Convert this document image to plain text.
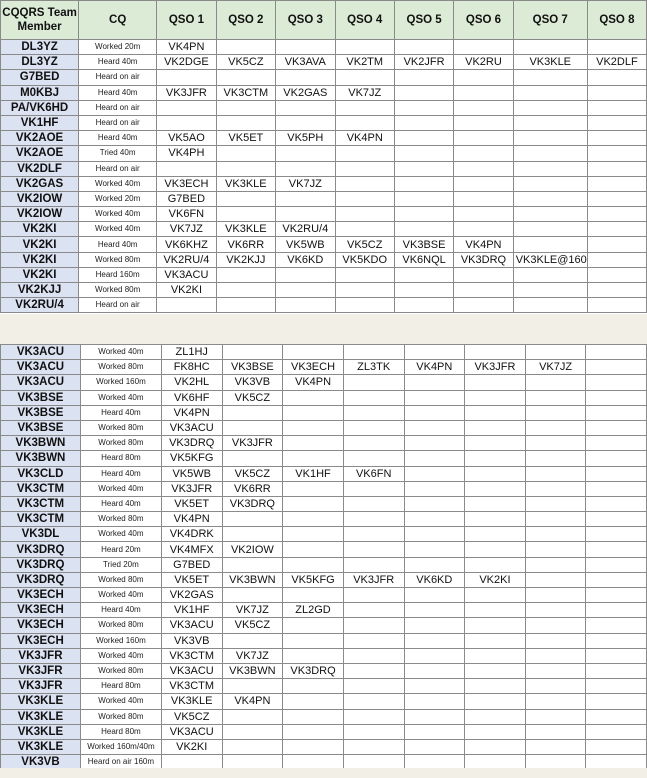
CQQRS Team Member	CQ	QSO 1	QSO 2	QSO 3	QSO 4	QSO 5	QSO 6	QSO 7	QSO 8
DL3YZ	Worked 20m	VK4PN							
DL3YZ	Heard 40m	VK2DGE	VK5CZ	VK3AVA	VK2TM	VK2JFR	VK2RU	VK3KLE	VK2DLF
G7BED	Heard on air								
M0KBJ	Heard 40m	VK3JFR	VK3CTM	VK2GAS	VK7JZ				
PA/VK6HD	Heard on air								
VK1HF	Heard on air								
VK2AOE	Heard 40m	VK5AO	VK5ET	VK5PH	VK4PN				
VK2AOE	Tried 40m	VK4PH							
VK2DLF	Heard on air								
VK2GAS	Worked 40m	VK3ECH	VK3KLE	VK7JZ					
VK2IOW	Worked 20m	G7BED							
VK2IOW	Worked 40m	VK6FN							
VK2KI	Worked 40m	VK7JZ	VK3KLE	VK2RU/4					
VK2KI	Heard 40m	VK6KHZ	VK6RR	VK5WB	VK5CZ	VK3BSE	VK4PN		
VK2KI	Worked 80m	VK2RU/4	VK2KJJ	VK6KD	VK5KDO	VK6NQL	VK3DRQ	VK3KLE@160	
VK2KI	Heard 160m	VK3ACU							
VK2KJJ	Worked 80m	VK2KI							
VK2RU/4	Heard on air								
VK3ACU	Worked 40m	ZL1HJ							
VK3ACU	Worked 80m	FK8HC	VK3BSE	VK3ECH	ZL3TK	VK4PN	VK3JFR	VK7JZ	
VK3ACU	Worked 160m	VK2HL	VK3VB	VK4PN					
VK3BSE	Worked 40m	VK6HF	VK5CZ						
VK3BSE	Heard 40m	VK4PN							
VK3BSE	Worked 80m	VK3ACU							
VK3BWN	Worked 80m	VK3DRQ	VK3JFR						
VK3BWN	Heard 80m	VK5KFG							
VK3CLD	Heard 40m	VK5WB	VK5CZ	VK1HF	VK6FN				
VK3CTM	Worked 40m	VK3JFR	VK6RR						
VK3CTM	Heard 40m	VK5ET	VK3DRQ						
VK3CTM	Worked 80m	VK4PN							
VK3DL	Worked 40m	VK4DRK							
VK3DRQ	Heard 20m	VK4MFX	VK2IOW						
VK3DRQ	Tried 20m	G7BED							
VK3DRQ	Worked 80m	VK5ET	VK3BWN	VK5KFG	VK3JFR	VK6KD	VK2KI		
VK3ECH	Worked 40m	VK2GAS							
VK3ECH	Heard 40m	VK1HF	VK7JZ	ZL2GD					
VK3ECH	Worked 80m	VK3ACU	VK5CZ						
VK3ECH	Worked 160m	VK3VB							
VK3JFR	Worked 40m	VK3CTM	VK7JZ						
VK3JFR	Worked 80m	VK3ACU	VK3BWN	VK3DRQ					
VK3JFR	Heard 80m	VK3CTM							
VK3KLE	Worked 40m	VK3KLE	VK4PN						
VK3KLE	Worked 80m	VK5CZ							
VK3KLE	Heard 80m	VK3ACU							
VK3KLE	Worked 160m/40m	VK2KI							
VK3VB	Heard on air 160m								
